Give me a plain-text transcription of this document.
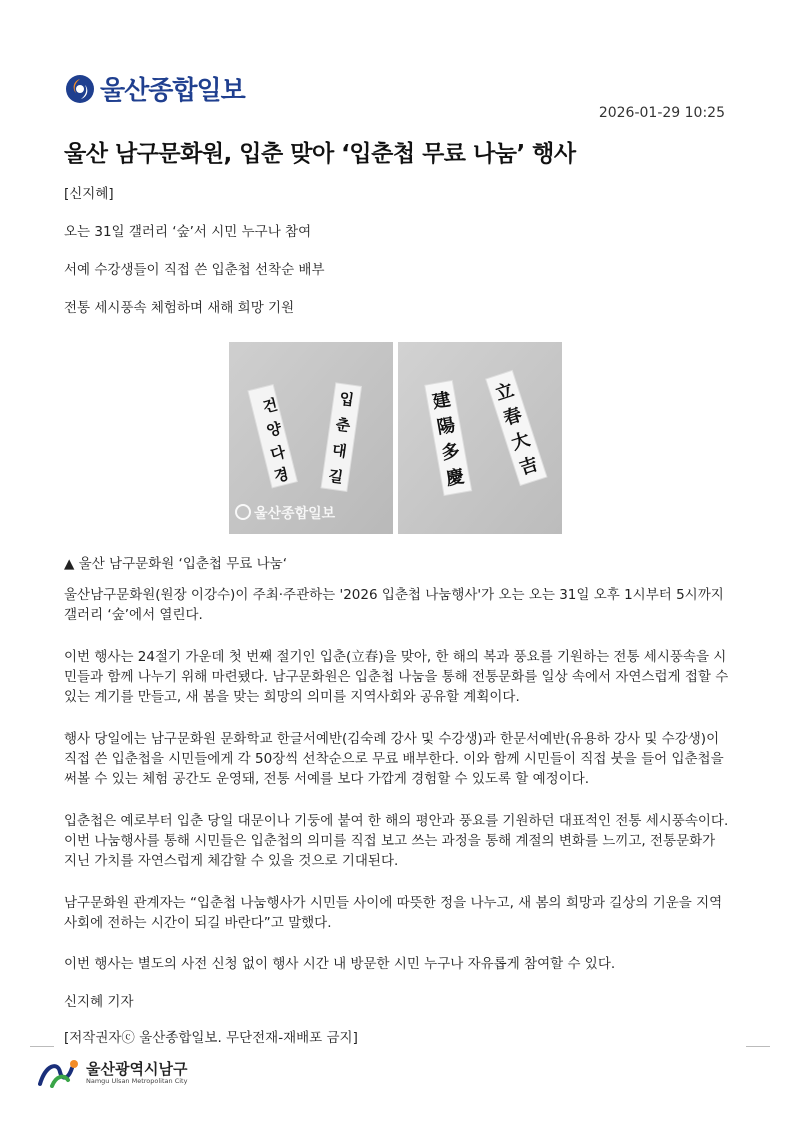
울산종합일보
2026-01-29 10:25
울산 남구문화원, 입춘 맞아 ‘입춘첩 무료 나눔’ 행사
[신지혜]
오는 31일 갤러리 ‘숲’서 시민 누구나 참여
서예 수강생들이 직접 쓴 입춘첩 선착순 배부
전통 세시풍속 체험하며 새해 희망 기원
건
양
다
경
입
춘
대
길
울산종합일보
建
陽
多
慶
立
春
大
吉
▲ 울산 남구문화원 ‘입춘첩 무료 나눔‘

울산남구문화원(원장 이강수)이 주최·주관하는 '2026 입춘첩 나눔행사'가 오는 오는 31일 오후 1시부터 5시까지 갤러리 ‘숲’에서 열린다.

이번 행사는 24절기 가운데 첫 번째 절기인 입춘(立春)을 맞아, 한 해의 복과 풍요를 기원하는 전통 세시풍속을 시민들과 함께 나누기 위해 마련됐다. 남구문화원은 입춘첩 나눔을 통해 전통문화를 일상 속에서 자연스럽게 접할 수 있는 계기를 만들고, 새 봄을 맞는 희망의 의미를 지역사회와 공유할 계획이다.

행사 당일에는 남구문화원 문화학교 한글서예반(김숙례 강사 및 수강생)과 한문서예반(유용하 강사 및 수강생)이 직접 쓴 입춘첩을 시민들에게 각 50장씩 선착순으로 무료 배부한다. 이와 함께 시민들이 직접 붓을 들어 입춘첩을 써볼 수 있는 체험 공간도 운영돼, 전통 서예를 보다 가깝게 경험할 수 있도록 할 예정이다.

입춘첩은 예로부터 입춘 당일 대문이나 기둥에 붙여 한 해의 평안과 풍요를 기원하던 대표적인 전통 세시풍속이다. 이번 나눔행사를 통해 시민들은 입춘첩의 의미를 직접 보고 쓰는 과정을 통해 계절의 변화를 느끼고, 전통문화가 지닌 가치를 자연스럽게 체감할 수 있을 것으로 기대된다.

남구문화원 관계자는 “입춘첩 나눔행사가 시민들 사이에 따뜻한 정을 나누고, 새 봄의 희망과 길상의 기운을 지역사회에 전하는 시간이 되길 바란다”고 말했다.

이번 행사는 별도의 사전 신청 없이 행사 시간 내 방문한 시민 누구나 자유롭게 참여할 수 있다.

신지혜 기자
[저작권자ⓒ 울산종합일보. 무단전재-재배포 금지]
울산광역시남구
Namgu Ulsan Metropolitan City
